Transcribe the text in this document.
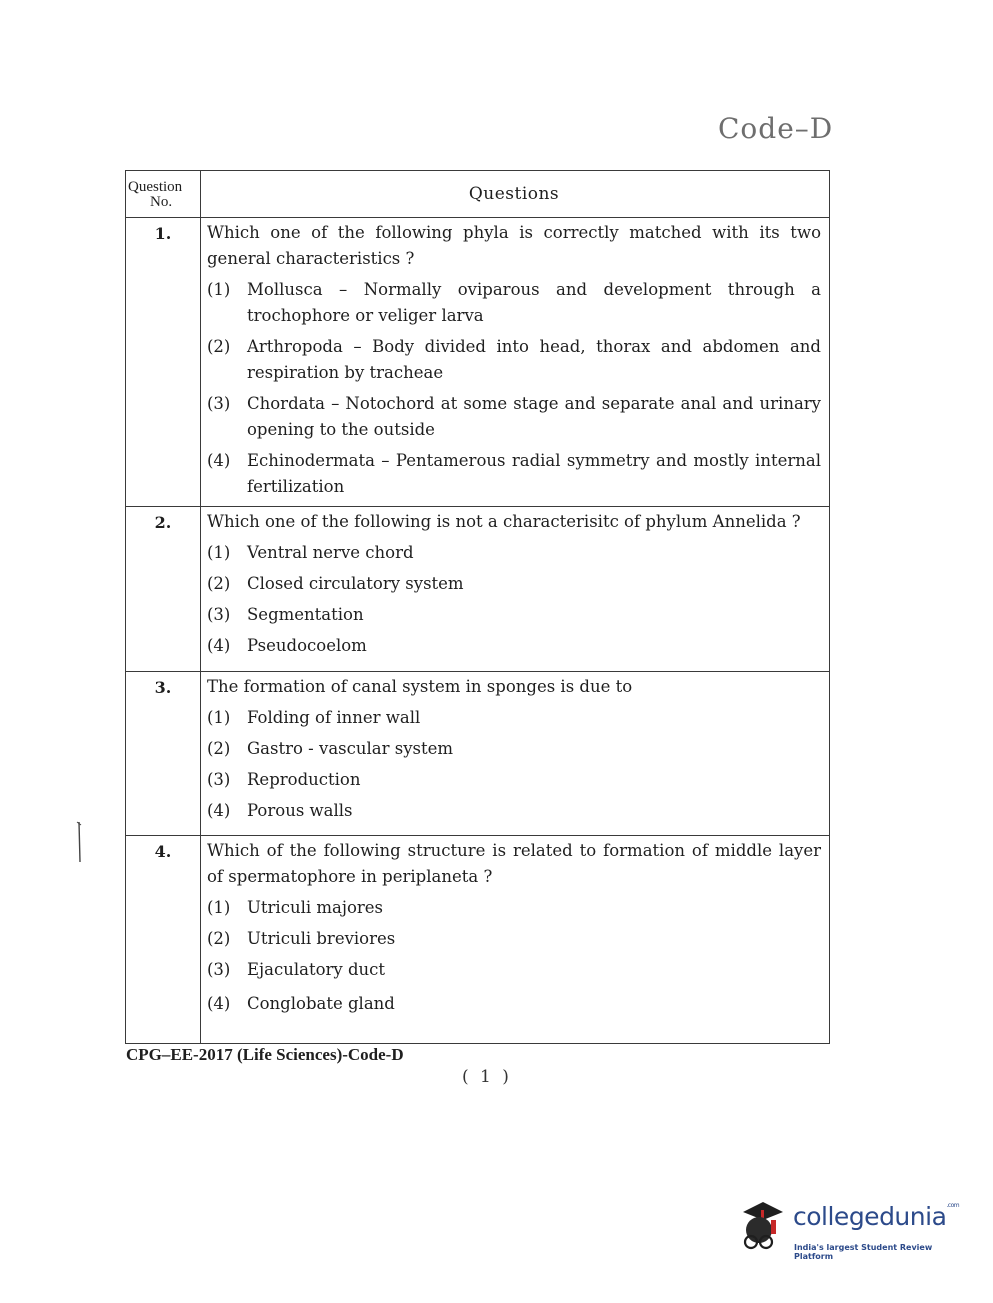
Code–D
Question
No.	Questions
1.	Which one of the following phyla is correctly matched with its two general characteristics ?
(1)	Mollusca – Normally oviparous and development through a trochophore or veliger larva
(2)	Arthropoda – Body divided into head, thorax and abdomen and respiration by tracheae
(3)	Chordata – Notochord at some stage and separate anal and urinary opening to the outside
(4)	Echinodermata – Pentamerous radial symmetry and mostly internal fertilization
2.	Which one of the following is not a characterisitc of phylum Annelida ?
(1)	Ventral nerve chord
(2)	Closed circulatory system
(3)	Segmentation
(4)	Pseudocoelom
3.	The formation of canal system in sponges is due to
(1)	Folding of inner wall
(2)	Gastro - vascular system
(3)	Reproduction
(4)	Porous walls
4.	Which of the following structure is related to formation of middle layer of spermatophore in periplaneta ?
(1)	Utriculi majores
(2)	Utriculi breviores
(3)	Ejaculatory duct
(4)	Conglobate gland
CPG–EE-2017 (Life Sciences)-Code-D
( 1 )
collegedunia$^{.com}$
India's largest Student Review Platform
